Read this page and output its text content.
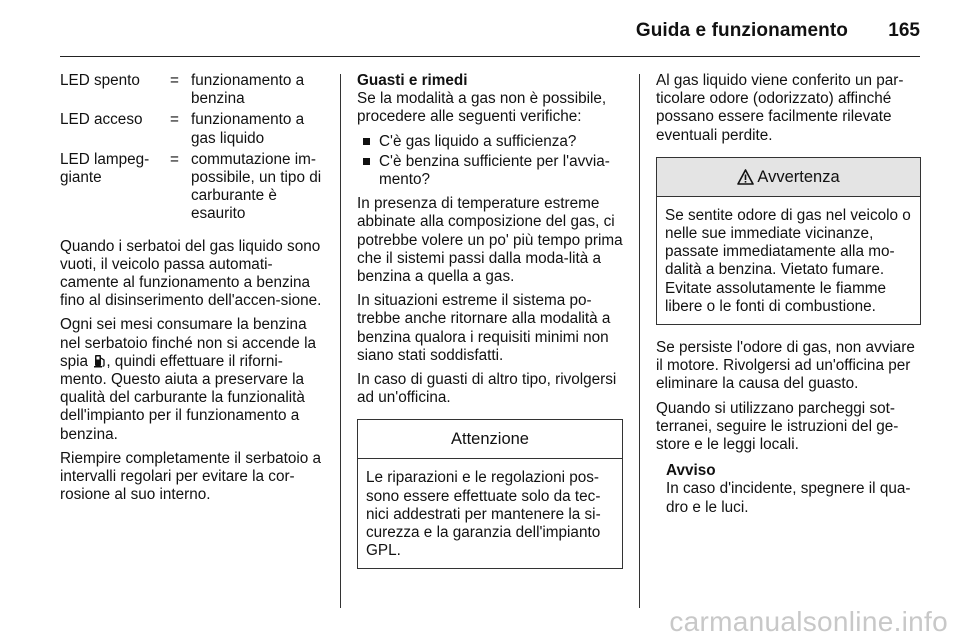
Guida e funzionamento 165
LED spento	= funzionamento a benzina
LED acceso	= funzionamento a gas liquido
LED lampeg-giante
= commutazione im-possibile, un tipo di carburante è esaurito

Quando i serbatoi del gas liquido sono vuoti, il veicolo passa automati-camente al funzionamento a benzina fino al disinserimento dell'accen-sione.

Ogni sei mesi consumare la benzina nel serbatoio finché non si accende la spia , quindi effettuare il riforni-mento. Questo aiuta a preservare la qualità del carburante la funzionalità dell'impianto per il funzionamento a benzina.

Riempire completamente il serbatoio a intervalli regolari per evitare la cor-rosione al suo interno.

Guasti e rimedi

Se la modalità a gas non è possibile, procedere alle seguenti verifiche:

C'è gas liquido a sufficienza?
C'è benzina sufficiente per l'avvia-mento?

In presenza di temperature estreme abbinate alla composizione del gas, ci potrebbe volere un po' più tempo prima che il sistemi passi dalla moda-lità a benzina a quella a gas.

In situazioni estreme il sistema po-trebbe anche ritornare alla modalità a benzina qualora i requisiti minimi non siano stati soddisfatti.

In caso di guasti di altro tipo, rivolgersi ad un'officina.

Attenzione
Le riparazioni e le regolazioni pos-sono essere effettuate solo da tec-nici addestrati per mantenere la si-curezza e la garanzia dell'impianto GPL.

Al gas liquido viene conferito un par-ticolare odore (odorizzato) affinché possano essere facilmente rilevate eventuali perdite.

Avvertenza
Se sentite odore di gas nel veicolo o nelle sue immediate vicinanze, passate immediatamente alla mo-dalità a benzina. Vietato fumare. Evitate assolutamente le fiamme libere o le fonti di combustione.

Se persiste l'odore di gas, non avviare il motore. Rivolgersi ad un'officina per eliminare la causa del guasto.

Quando si utilizzano parcheggi sot-terranei, seguire le istruzioni del ge-store e le leggi locali.

Avviso
In caso d'incidente, spegnere il qua-dro e le luci.
carmanualsonline.info
